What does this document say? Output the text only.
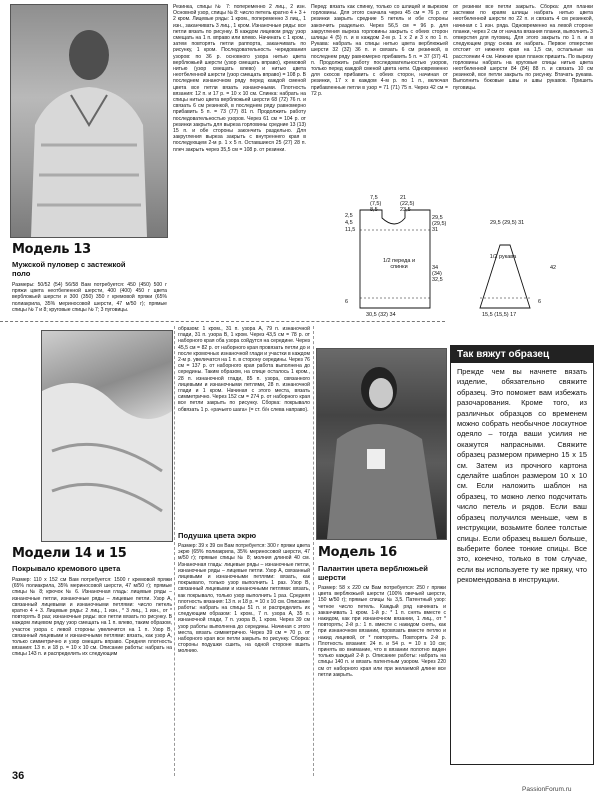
Модель 13
Мужской пуловер с застежкой поло
Размеры: 50/52 (54) 56/58 Вам потребуется: 450 (450) 500 г пряжи цвета неотбеленной шерсти, 400 (400) 450 г цвета вербложьей шерсти и 300 (350) 350 г кремовой пряжи (65% полиакрила, 35% мериносовой шерсти, 47 м/50 г); прямые спицы № 7 и 8; круговые спицы № 7; 3 пуговицы.
Резинка, спицы № 7: попеременно 2 лиц., 2 изн. Основной узор, спицы № 8: число петель кратно 4 + 3 + 2 кром. Лицевые ряды: 1 кром., попеременно 3 лиц., 1 изн., заканчивать 3 лиц., 1 кром. Изнаночные ряды: все петли вязать по рисунку. В каждом лицевом ряду узор смещать на 1 п. вправо или влево. Начинать с 1 кром., затем повторять петли раппорта, заканчивать по рисунку, 1 кром. Последовательность чередования узоров: по 36 р. основного узора нитью цвета верблюжьей шерсти (узор смещать вправо), кремовой нитью (узор смещать влево) и нитью цвета неотбеленной шерсти (узор смещать вправо) = 108 р. В последнем изнаночном ряду перед каждой сменой цвета все петли вязать изнаночными. Плотность вязания: 12 п. и 17 р. = 10 х 10 см. Спинка: набрать на спицы нитью цвета верблюжьей шерсти 68 (72) 76 п. и связать 6 см резинкой, в последнем ряду равномерно прибавить 5 п. = 73 (77) 81 п. Продолжить работу последовательностью узоров. Через 61 см = 104 р. от резинки закрыть для выреза горловины средние 13 (13) 15 п. и обе стороны закончить раздельно. Для закругления выреза закрыть с внутреннего края в последующем 2-м р. 1 х 5 п. Оставшиеся 25 (27) 28 п. плеч закрыть через 35,5 см = 108 р. от резинки.
Перед: вязать как спинку, только со шлицей и вырезом горловины. Для этого сначала через 45 см = 76 р. от резинки закрыть средние 5 петель и обе стороны закончить раздельно. Через 56,5 см = 96 р. для закругления выреза горловины закрыть с обеих сторон шлицы 4 (5) п. и в каждом 2-м р. 1 х 2 и 3 х по 1 п. Рукава: набрать на спицы нитью цвета верблюжьей шерсти 32 (32) 36 п. и связать 6 см резинкой, в последнем ряду равномерно прибавить 5 п. = 37 (37) 41 п. Продолжить работу последовательностью узоров, только перед каждой сменой цвета нити. Одновременно для скосов прибавить с обеих сторон, начиная от резинки, 17 х в каждом 4-м р. по 1 п., включая прибавленные петли в узор = 71 (71) 75 п. Через 42 см = 72 р.
от резинки все петли закрыть. Сборка: для планки застежки по краям шлицы набрать нитью цвета неотбеленной шерсти по 22 п. и связать 4 см резинкой, начиная с 1 изн. ряда. Одновременно на левой стороне планки, через 2 см от начала вязания планки, выполнить 3 отверстия для пуговиц. Для этого закрыть по 1 п. и в следующем ряду снова их набрать. Первое отверстие отстоит от нижнего края на 1,5 см, остальные на расстоянии 4 см. Нижние края планок пришить. По вырезу горловины набрать на круговые спицы нитью цвета неотбеленной шерсти 84 (84) 88 п. и связать 10 см резинкой, все петли закрыть по рисунку. Втачать рукава. Выполнить боковые швы и швы рукавов. Пришить пуговицы.
7,5
(7,5)
8,5
21
(22,5)
23,5
2,5
4,5
11,5
29,5
(29,5)
31
34
(34)
32,5
1/2 переда и спинки
30,5 (32) 34
6
29,5 (29,5) 31
1/2 рукава
42
6
15,5 (15,5) 17
Модели 14 и 15
Покрывало кремового цвета
Размер: 110 х 152 см Вам потребуется: 1500 г кремовой пряжи (65% полиакрила, 35% мериносовой шерсти, 47 м/50 г); прямые спицы № 8; крючок № 6. Изнаночная гладь: лицевые ряды – изнаночные петли, изнаночные ряды – лицевые петли. Узор А, связанный лицевыми и изнаночными петлями: число петель кратно 4 + 3. Лицевые ряды: 2 лиц., 1 изн., * 3 лиц., 1 изн., от * повторять 8 раз; изнаночные ряды: все петли вязать по рисунку. В каждом лицевом ряду узор смещать на 1 п. влево, таким образом, участок узора с левой стороны увеличится на 1 п. Узор В, связанный лицевыми и изнаночными петлями: вязать, как узор А, только симметрично и узор смещать вправо. Средняя плотность вязания: 13 п. и 18 р. = 10 х 10 см. Описание работы: набрать на спицы 143 п. и распределить их следующим
образом: 1 кром., 31 п. узора А, 79 п. изнаночной глади, 31 п. узора В, 1 кром. Через 43,5 см = 78 р. от наборного края оба узора сойдутся на середине. Через 45,5 см = 82 р. от наборного края провязать петли до и после кромочных изнаночной глади и участки в каждом 2-м р. увеличатся на 1 п. в сторону середины. Через 76 см = 137 р. от наборного края работа выполнена до середины. Таким образом, на спице осталось 1 кром., 28 п. изнаночной глади, 85 п. узора, связанного лицевыми и изнаночными петлями, 28 п. изнаночной глади и 1 кром. Начиная с этого места, вязать симметрично. Через 152 см = 274 р. от наборного края все петли закрыть по рисунку. Сборка: покрывало обвязать 1 р. «рачьего шага» (= ст. б/н слева направо).
Подушка цвета экрю
Размер: 39 х 39 см Вам потребуется: 300 г пряжи цвета экрю (65% полиакрила, 35% мериносовой шерсти, 47 м/50 г); прямые спицы № 8; молния длиной 40 см. Изнаночная гладь: лицевые ряды – изнаночные петли, изнаночные ряды – лицевые петли. Узор А, связанный лицевыми и изнаночными петлями: вязать, как покрывало, только узор выполнить 1 раз. Узор В, связанный лицевыми и изнаночными петлями: вязать, как покрывало, только узор выполнить 1 раз. Средняя плотность вязания: 13 п. и 18 р. = 10 х 10 см. Описание работы: набрать на спицы 51 п. и распределить их следующим образом: 1 кром., 7 п. узора А, 35 п. изнаночной глади, 7 п. узора В, 1 кром. Через 39 см узор работы выполнена до середины. Начиная с этого места, вязать симметрично. Через 39 см = 70 р. от наборного края все петли закрыть по рисунку. Сборка: стороны подушки сшить, на одной стороне вшить молнию.
Модель 16
Палантин цвета верблюжьей шерсти
Размер: 58 х 220 см Вам потребуется: 250 г пряжи цвета верблюжьей шерсти (100% овечьей шерсти, 150 м/50 г); прямые спицы № 3,5. Патентный узор: четное число петель. Каждый ряд начинать и заканчивать 1 кром. 1-й р.: * 1 п. снять вместе с накидом, как при изнаночном вязании, 1 лиц., от * повторять; 2-й р.: 1 п. вместе с накидом снять, как при изнаночном вязании, провязать вместе петлю и накид лицевой, от * повторять. Повторять 2-й р. Плотность вязания: 24 п. и 54 р. = 10 х 10 см; принять во внимание, что в вязании полотно виден только каждый 2-й р. Описание работы: набрать на спицы 140 п. и вязать патентным узором. Через 220 см от наборного края или при желаемой длине все петли закрыть.
Так вяжут образец
Прежде чем вы начнете вязать изделие, обязательно свяжите образец. Это поможет вам избежать разочарования. Кроме того, из различных образцов со временем можно собрать необычное лоскутное одеяло – тогда ваши усилия не окажутся напрасными. Свяжите образец размером примерно 15 х 15 см. Затем из прочного картона сделайте шаблон размером 10 х 10 см. Если наложить шаблон на образец, то можно легко подсчитать число петель и рядов. Если ваш образец получился меньше, чем в инструкции, возьмите более толстые спицы. Если образец вышел больше, выберите более тонкие спицы. Все это, конечно, только в том случае, если вы используете ту же пряжу, что рекомендована в инструкции.
36
PassionForum.ru
